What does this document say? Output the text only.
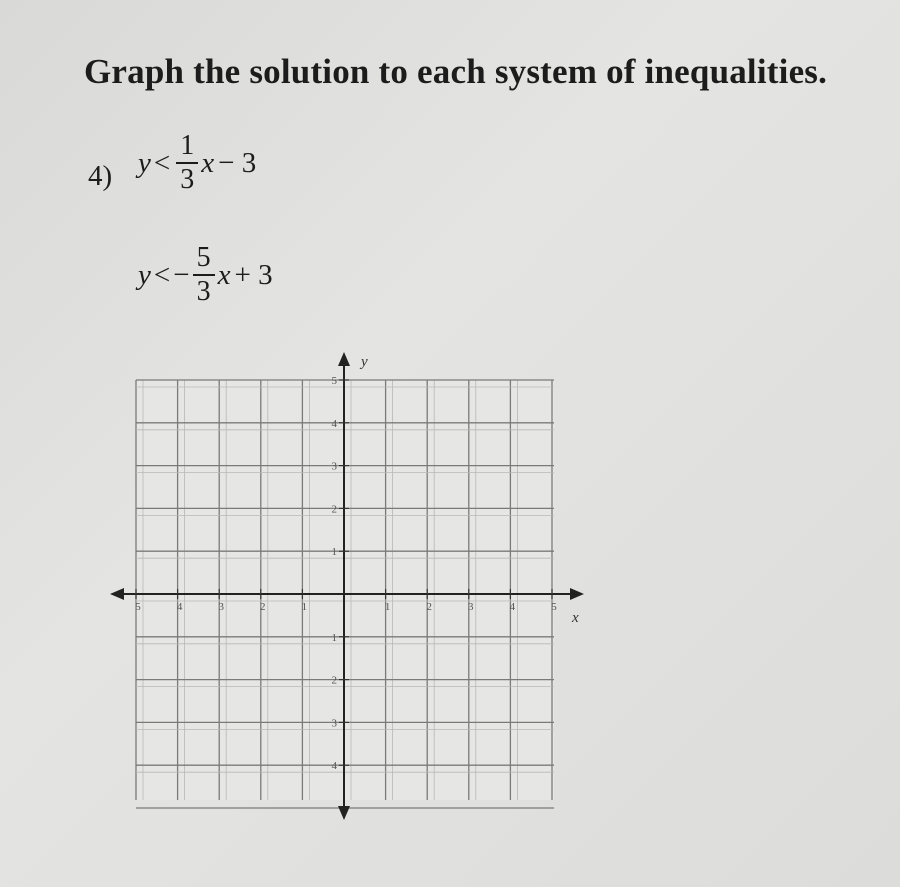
Graph the solution to each system of inequalities.
4) $y < \frac{1}{3}$ x − 3
y < − $\frac{5}{3}$ x + 3
x
y
5	4	3	2	1	1	2	3	4	5
5
4
3
2
1
1
2
3
4
